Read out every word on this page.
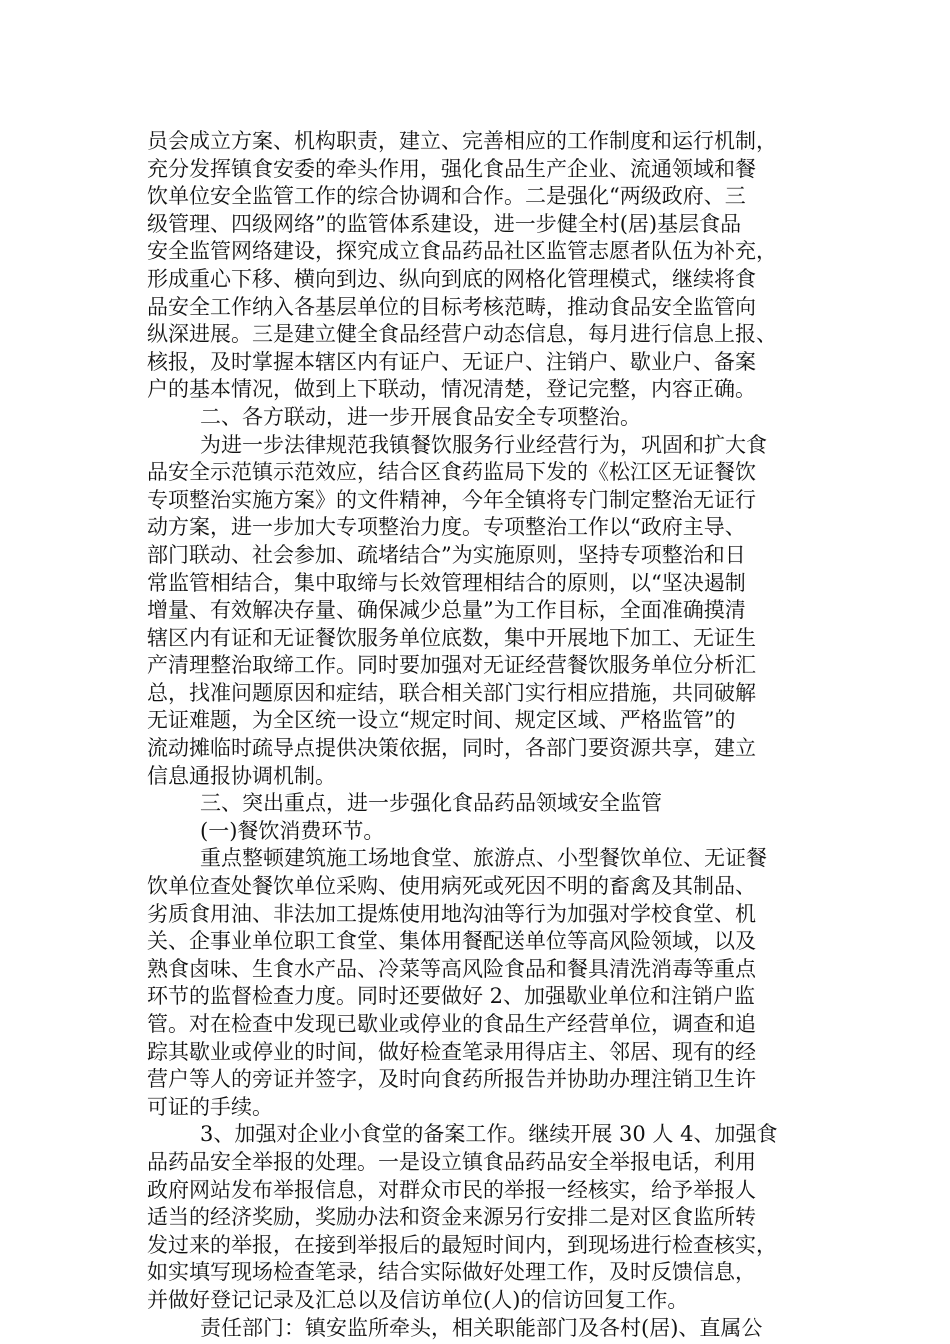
员会成立方案、机构职责，建立、完善相应的工作制度和运行机制，
充分发挥镇食安委的牵头作用，强化食品生产企业、流通领域和餐
饮单位安全监管工作的综合协调和合作。二是强化“两级政府、三
级管理、四级网络”的监管体系建设，进一步健全村(居)基层食品
安全监管网络建设，探究成立食品药品社区监管志愿者队伍为补充，
形成重心下移、横向到边、纵向到底的网格化管理模式，继续将食
品安全工作纳入各基层单位的目标考核范畴，推动食品安全监管向
纵深进展。三是建立健全食品经营户动态信息，每月进行信息上报、
核报，及时掌握本辖区内有证户、无证户、注销户、歇业户、备案
户的基本情况，做到上下联动，情况清楚，登记完整，内容正确。
二、各方联动，进一步开展食品安全专项整治。
为进一步法律规范我镇餐饮服务行业经营行为，巩固和扩大食
品安全示范镇示范效应，结合区食药监局下发的《松江区无证餐饮
专项整治实施方案》的文件精神，今年全镇将专门制定整治无证行
动方案，进一步加大专项整治力度。专项整治工作以“政府主导、
部门联动、社会参加、疏堵结合”为实施原则，坚持专项整治和日
常监管相结合，集中取缔与长效管理相结合的原则，以“坚决遏制
增量、有效解决存量、确保减少总量”为工作目标，全面准确摸清
辖区内有证和无证餐饮服务单位底数，集中开展地下加工、无证生
产清理整治取缔工作。同时要加强对无证经营餐饮服务单位分析汇
总，找准问题原因和症结，联合相关部门实行相应措施，共同破解
无证难题，为全区统一设立“规定时间、规定区域、严格监管”的
流动摊临时疏导点提供决策依据，同时，各部门要资源共享，建立
信息通报协调机制。
三、突出重点，进一步强化食品药品领域安全监管
(一)餐饮消费环节。
重点整顿建筑施工场地食堂、旅游点、小型餐饮单位、无证餐
饮单位查处餐饮单位采购、使用病死或死因不明的畜禽及其制品、
劣质食用油、非法加工提炼使用地沟油等行为加强对学校食堂、机
关、企事业单位职工食堂、集体用餐配送单位等高风险领域，以及
熟食卤味、生食水产品、冷菜等高风险食品和餐具清洗消毒等重点
环节的监督检查力度。同时还要做好 2、加强歇业单位和注销户监
管。对在检查中发现已歇业或停业的食品生产经营单位，调查和追
踪其歇业或停业的时间，做好检查笔录用得店主、邻居、现有的经
营户等人的旁证并签字，及时向食药所报告并协助办理注销卫生许
可证的手续。
3、加强对企业小食堂的备案工作。继续开展 30 人 4、加强食
品药品安全举报的处理。一是设立镇食品药品安全举报电话，利用
政府网站发布举报信息，对群众市民的举报一经核实，给予举报人
适当的经济奖励，奖励办法和资金来源另行安排二是对区食监所转
发过来的举报，在接到举报后的最短时间内，到现场进行检查核实，
如实填写现场检查笔录，结合实际做好处理工作，及时反馈信息，
并做好登记记录及汇总以及信访单位(人)的信访回复工作。
责任部门：镇安监所牵头，相关职能部门及各村(居)、直属公
